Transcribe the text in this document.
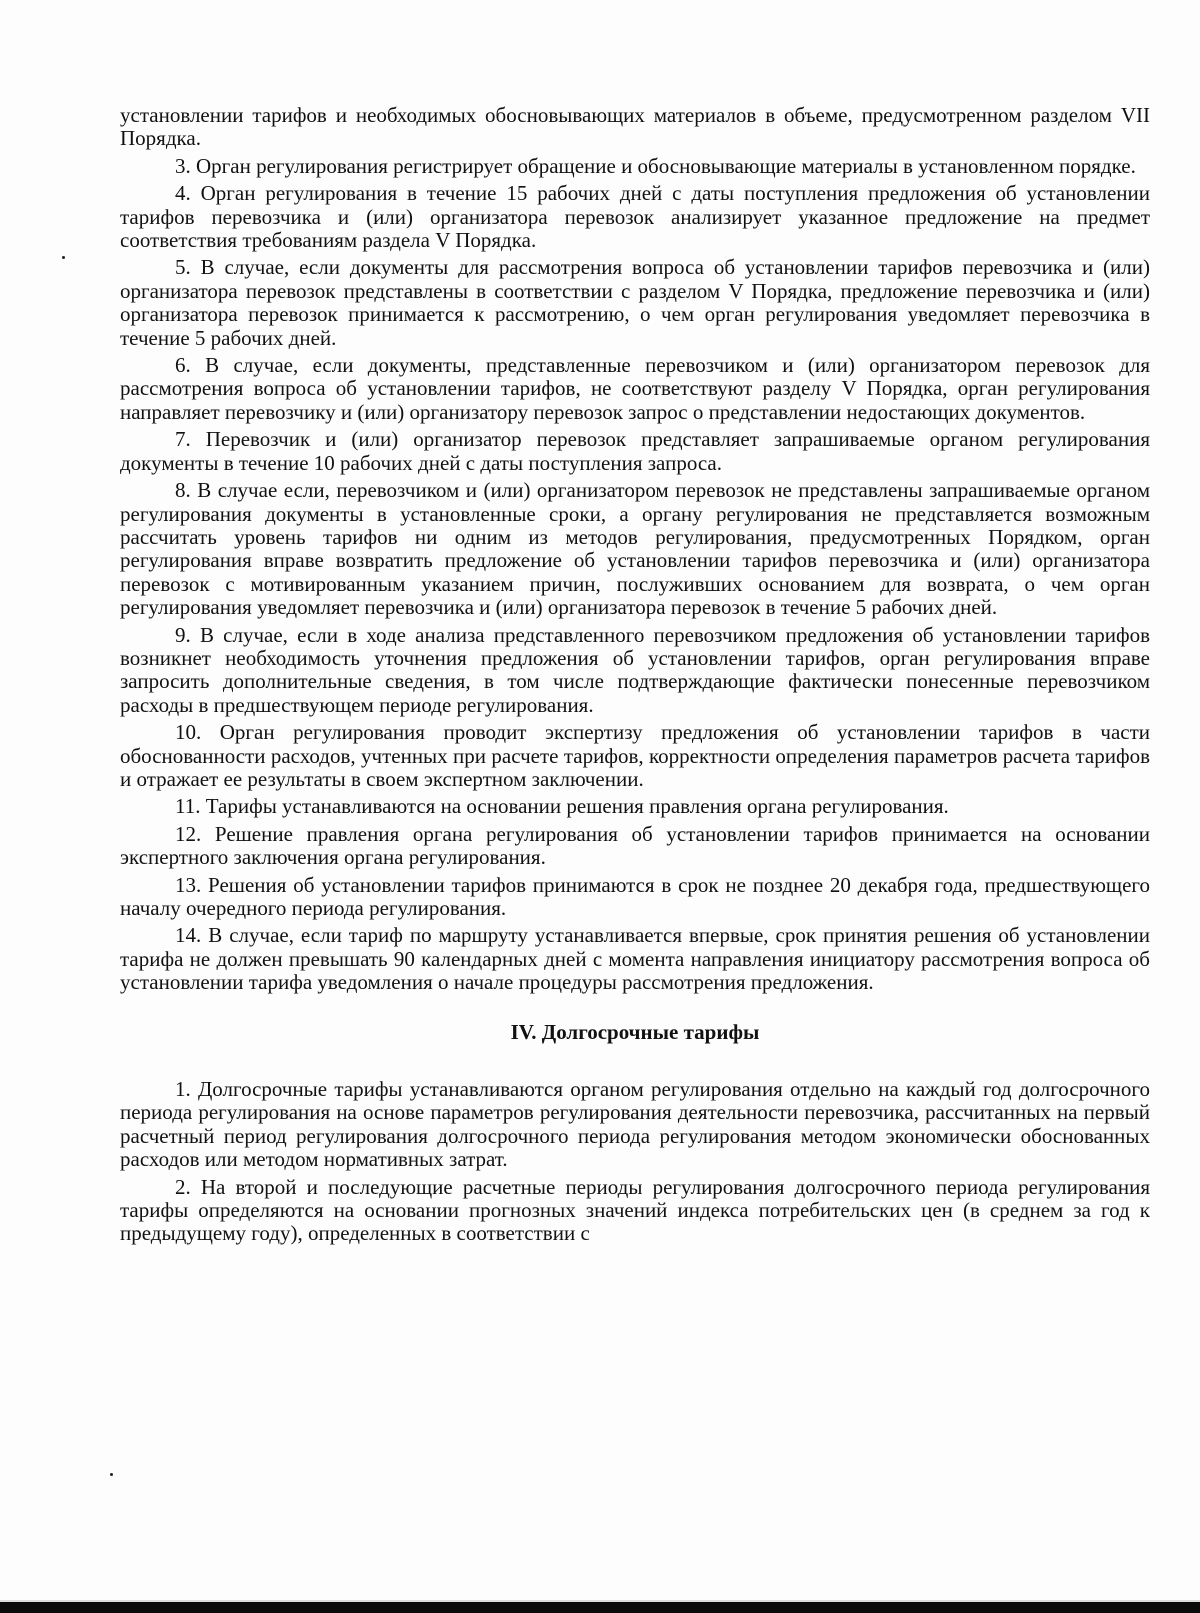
установлении тарифов и необходимых обосновывающих материалов в объеме, предусмотренном разделом VII Порядка.

3. Орган регулирования регистрирует обращение и обосновывающие материалы в установленном порядке.

4. Орган регулирования в течение 15 рабочих дней с даты поступления предложения об установлении тарифов перевозчика и (или) организатора перевозок анализирует указанное предложение на предмет соответствия требованиям раздела V Порядка.

5. В случае, если документы для рассмотрения вопроса об установлении тарифов перевозчика и (или) организатора перевозок представлены в соответствии с разделом V Порядка, предложение перевозчика и (или) организатора перевозок принимается к рассмотрению, о чем орган регулирования уведомляет перевозчика в течение 5 рабочих дней.

6. В случае, если документы, представленные перевозчиком и (или) организатором перевозок для рассмотрения вопроса об установлении тарифов, не соответствуют разделу V Порядка, орган регулирования направляет перевозчику и (или) организатору перевозок запрос о представлении недостающих документов.

7. Перевозчик и (или) организатор перевозок представляет запрашиваемые органом регулирования документы в течение 10 рабочих дней с даты поступления запроса.

8. В случае если, перевозчиком и (или) организатором перевозок не представлены запрашиваемые органом регулирования документы в установленные сроки, а органу регулирования не представляется возможным рассчитать уровень тарифов ни одним из методов регулирования, предусмотренных Порядком, орган регулирования вправе возвратить предложение об установлении тарифов перевозчика и (или) организатора перевозок с мотивированным указанием причин, послуживших основанием для возврата, о чем орган регулирования уведомляет перевозчика и (или) организатора перевозок в течение 5 рабочих дней.

9. В случае, если в ходе анализа представленного перевозчиком предложения об установлении тарифов возникнет необходимость уточнения предложения об установлении тарифов, орган регулирования вправе запросить дополнительные сведения, в том числе подтверждающие фактически понесенные перевозчиком расходы в предшествующем периоде регулирования.

10. Орган регулирования проводит экспертизу предложения об установлении тарифов в части обоснованности расходов, учтенных при расчете тарифов, корректности определения параметров расчета тарифов и отражает ее результаты в своем экспертном заключении.

11. Тарифы устанавливаются на основании решения правления органа регулирования.

12. Решение правления органа регулирования об установлении тарифов принимается на основании экспертного заключения органа регулирования.

13. Решения об установлении тарифов принимаются в срок не позднее 20 декабря года, предшествующего началу очередного периода регулирования.

14. В случае, если тариф по маршруту устанавливается впервые, срок принятия решения об установлении тарифа не должен превышать 90 календарных дней с момента направления инициатору рассмотрения вопроса об установлении тарифа уведомления о начале процедуры рассмотрения предложения.

IV. Долгосрочные тарифы

1. Долгосрочные тарифы устанавливаются органом регулирования отдельно на каждый год долгосрочного периода регулирования на основе параметров регулирования деятельности перевозчика, рассчитанных на первый расчетный период регулирования долгосрочного периода регулирования методом экономически обоснованных расходов или методом нормативных затрат.

2. На второй и последующие расчетные периоды регулирования долгосрочного периода регулирования тарифы определяются на основании прогнозных значений индекса потребительских цен (в среднем за год к предыдущему году), определенных в соответствии с
